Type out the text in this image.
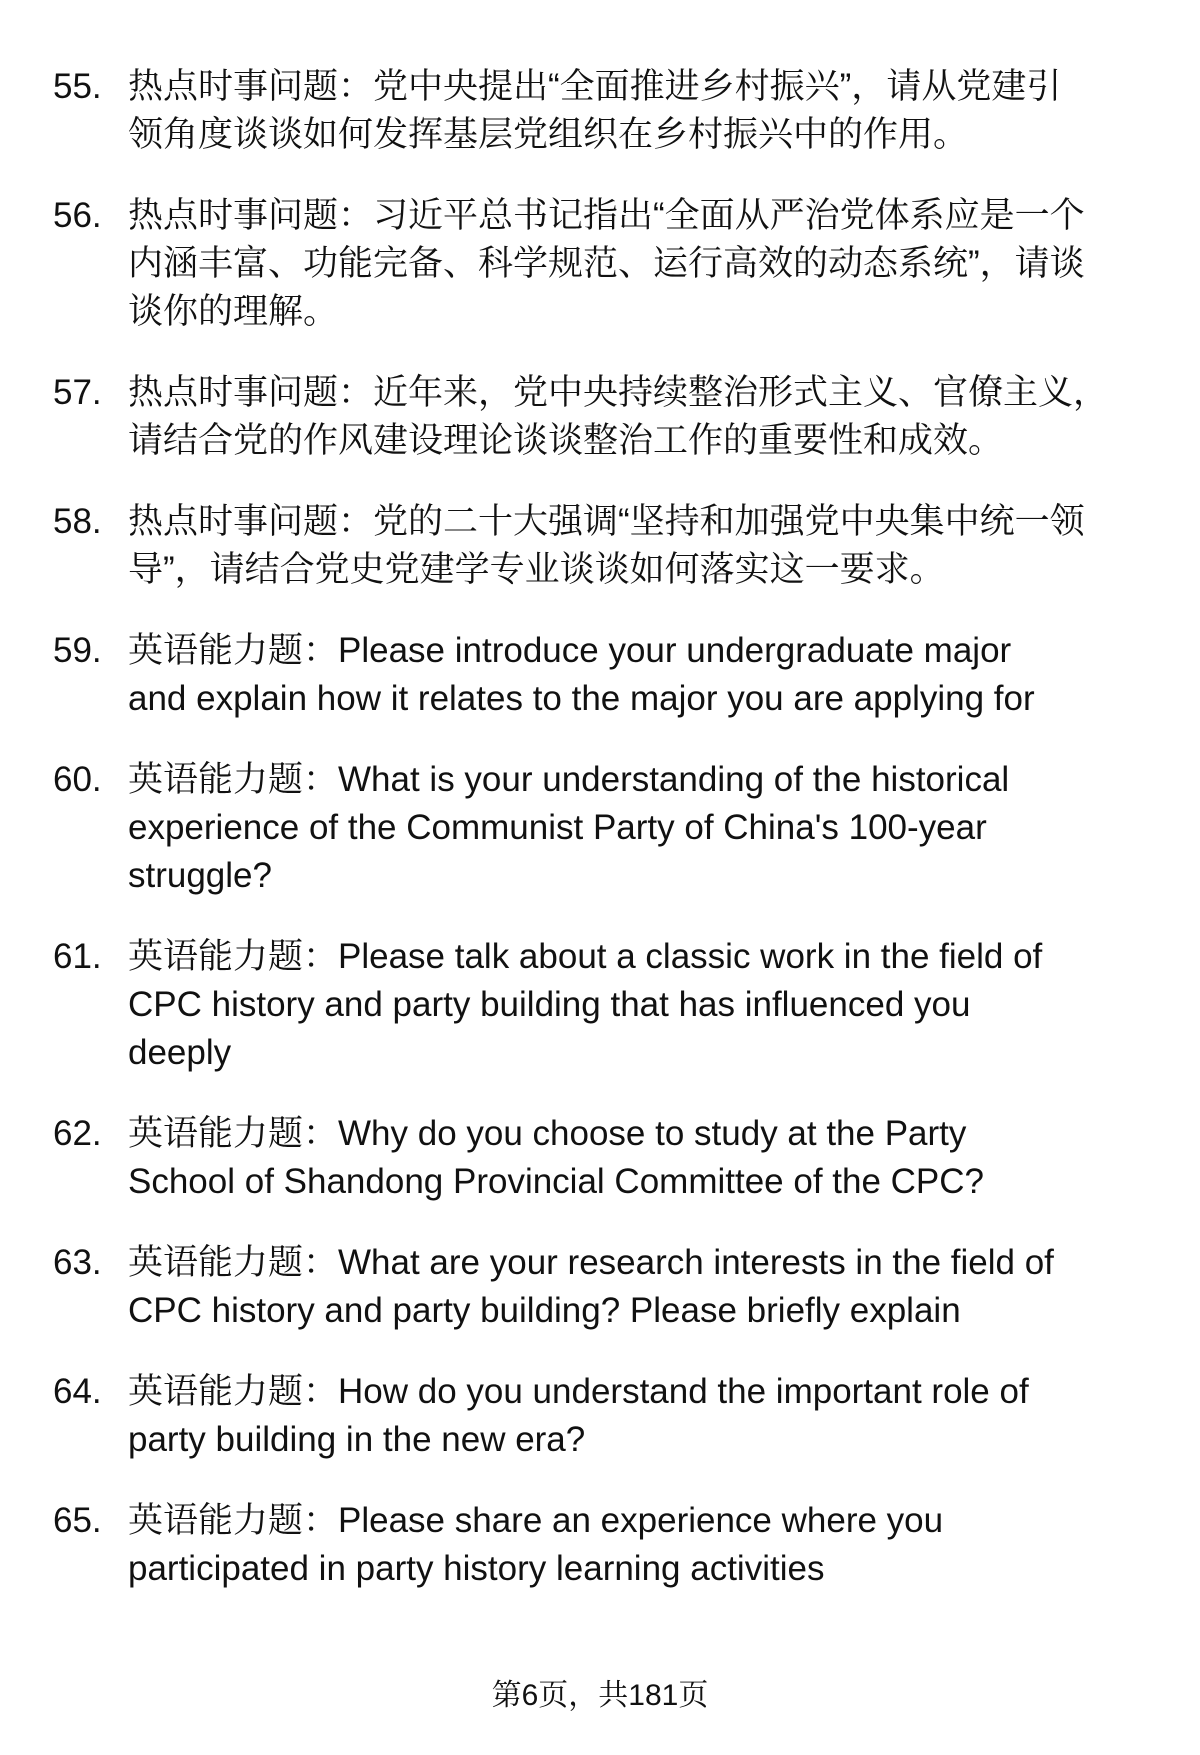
55. 热点时事问题：党中央提出“全面推进乡村振兴”，请从党建引
领角度谈谈如何发挥基层党组织在乡村振兴中的作用。
56. 热点时事问题：习近平总书记指出“全面从严治党体系应是一个
内涵丰富、功能完备、科学规范、运行高效的动态系统”，请谈
谈你的理解。
57. 热点时事问题：近年来，党中央持续整治形式主义、官僚主义，
请结合党的作风建设理论谈谈整治工作的重要性和成效。
58. 热点时事问题：党的二十大强调“坚持和加强党中央集中统一领
导”，请结合党史党建学专业谈谈如何落实这一要求。
59. 英语能力题：Please introduce your undergraduate major
and explain how it relates to the major you are applying for
60. 英语能力题：What is your understanding of the historical
experience of the Communist Party of China's 100-year
struggle?
61. 英语能力题：Please talk about a classic work in the field of
CPC history and party building that has influenced you
deeply
62. 英语能力题：Why do you choose to study at the Party
School of Shandong Provincial Committee of the CPC?
63. 英语能力题：What are your research interests in the field of
CPC history and party building? Please briefly explain
64. 英语能力题：How do you understand the important role of
party building in the new era?
65. 英语能力题：Please share an experience where you
participated in party history learning activities
第6页，共181页
